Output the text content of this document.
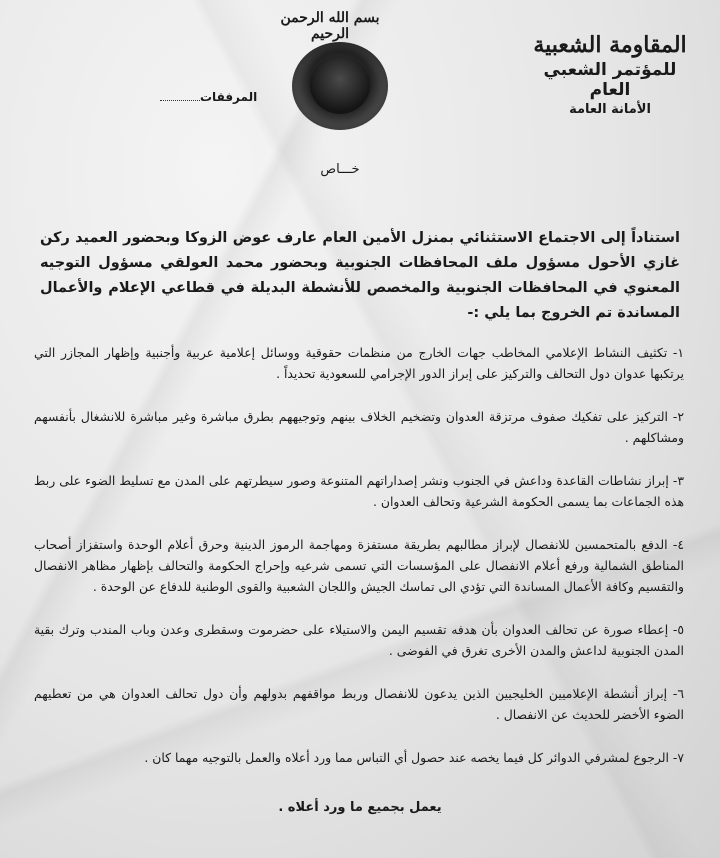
بسم الله الرحمن الرحيم	المقاومة الشعبية
للمؤتمر الشعبي العام
الأمانة العامة
المرفقات
خـــاص
استناداً إلى الاجتماع الاستثنائي بمنزل الأمين العام عارف عوض الزوكا وبحضور العميد ركن غازي الأحول مسؤول ملف المحافظات الجنوبية وبحضور محمد العولقي مسؤول التوجيه المعنوي في المحافظات الجنوبية والمخصص للأنشطة البديلة في قطاعي الإعلام والأعمال المساندة تم الخروج بما يلي :-
١- تكثيف النشاط الإعلامي المخاطب جهات الخارج من منظمات حقوقية ووسائل إعلامية عربية وأجنبية وإظهار المجازر التي يرتكبها عدوان دول التحالف والتركيز على إبراز الدور الإجرامي للسعودية تحديداً .
٢- التركيز على تفكيك صفوف مرتزقة العدوان وتضخيم الخلاف بينهم وتوجيههم بطرق مباشرة وغير مباشرة للانشغال بأنفسهم ومشاكلهم .
٣- إبراز نشاطات القاعدة وداعش في الجنوب ونشر إصداراتهم المتنوعة وصور سيطرتهم على المدن مع تسليط الضوء على ربط هذه الجماعات بما يسمى الحكومة الشرعية وتحالف العدوان .
٤- الدفع بالمتحمسين للانفصال لإبراز مطالبهم بطريقة مستفزة ومهاجمة الرموز الدينية وحرق أعلام الوحدة واستفزاز أصحاب المناطق الشمالية ورفع أعلام الانفصال على المؤسسات التي تسمى شرعيه وإحراج الحكومة والتحالف بإظهار مظاهر الانفصال والتقسيم وكافة الأعمال المساندة التي تؤدي الى تماسك الجيش واللجان الشعبية والقوى الوطنية للدفاع عن الوحدة .
٥- إعطاء صورة عن تحالف العدوان بأن هدفه تقسيم اليمن والاستيلاء على حضرموت وسقطرى وعدن وباب المندب وترك بقية المدن الجنوبية لداعش والمدن الأخرى تغرق في الفوضى .
٦- إبراز أنشطة الإعلاميين الخليجيين الذين يدعون للانفصال وربط مواقفهم بدولهم وأن دول تحالف العدوان هي من تعطيهم الضوء الأخضر للحديث عن الانفصال .
٧- الرجوع لمشرفي الدوائر كل فيما يخصه عند حصول أي التباس مما ورد أعلاه والعمل بالتوجيه مهما كان .
يعمل بجميع ما ورد أعلاه .
